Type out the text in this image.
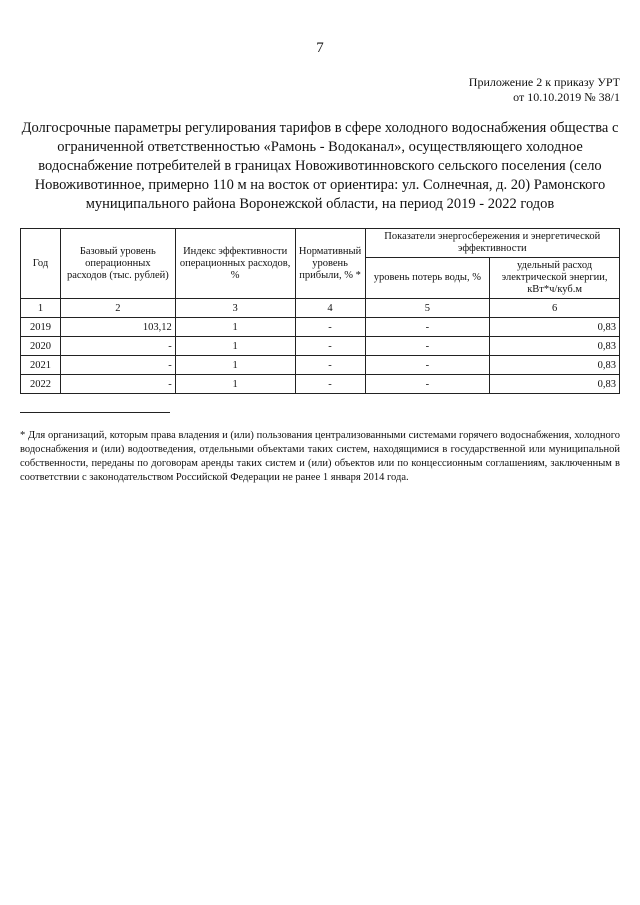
7
Приложение 2 к приказу УРТ
от 10.10.2019 № 38/1
Долгосрочные параметры регулирования тарифов в сфере холодного водоснабжения общества с ограниченной ответственностью «Рамонь - Водоканал», осуществляющего холодное водоснабжение потребителей в границах Новоживотинновского сельского поселения (село Новоживотинное, примерно 110 м на восток от ориентира: ул. Солнечная, д. 20) Рамонского муниципального района Воронежской области, на период 2019 - 2022 годов
Год	Базовый уровень операционных расходов (тыс. рублей)	Индекс эффективности операционных расходов, %	Нормативный уровень прибыли, % *	Показатели энергосбережения и энергетической эффективности	
				уровень потерь воды, %	удельный расход электрической энергии, кВт*ч/куб.м
1	2	3	4	5	6
2019	103,12	1	-	-	0,83
2020	-	1	-	-	0,83
2021	-	1	-	-	0,83
2022	-	1	-	-	0,83

* Для организаций, которым права владения и (или) пользования централизованными системами горячего водоснабжения, холодного водоснабжения и (или) водоотведения, отдельными объектами таких систем, находящимися в государственной или муниципальной собственности, переданы по договорам аренды таких систем и (или) объектов или по концессионным соглашениям, заключенным в соответствии с законодательством Российской Федерации не ранее 1 января 2014 года.
